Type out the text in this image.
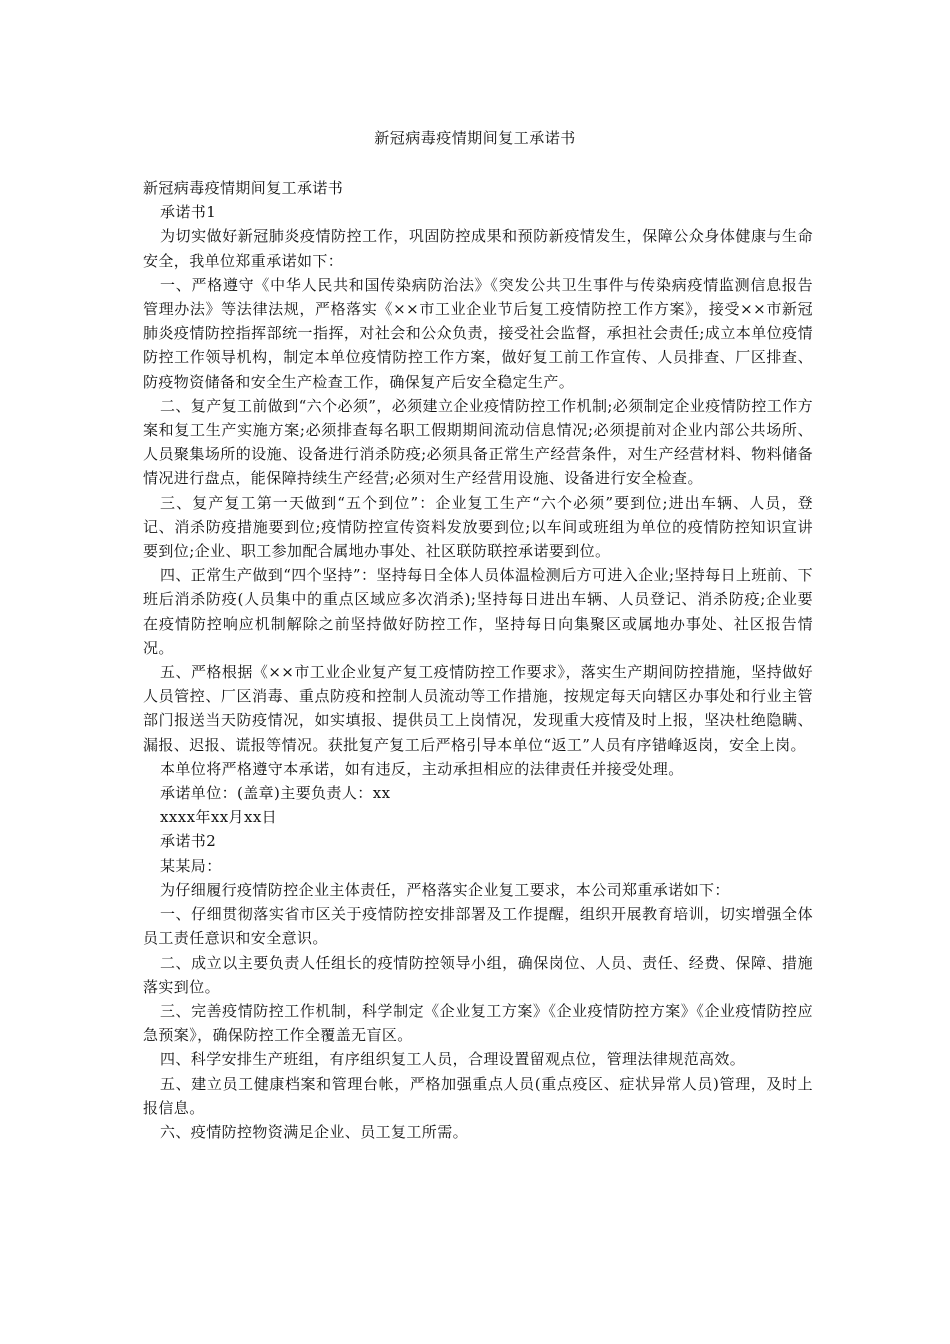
新冠病毒疫情期间复工承诺书

新冠病毒疫情期间复工承诺书

承诺书1

为切实做好新冠肺炎疫情防控工作，巩固防控成果和预防新疫情发生，保障公众身体健康与生命安全，我单位郑重承诺如下：

一、严格遵守《中华人民共和国传染病防治法》《突发公共卫生事件与传染病疫情监测信息报告管理办法》等法律法规，严格落实《××市工业企业节后复工疫情防控工作方案》，接受××市新冠肺炎疫情防控指挥部统一指挥，对社会和公众负责，接受社会监督，承担社会责任;成立本单位疫情防控工作领导机构，制定本单位疫情防控工作方案，做好复工前工作宣传、人员排查、厂区排查、防疫物资储备和安全生产检查工作，确保复产后安全稳定生产。

二、复产复工前做到“六个必须”，必须建立企业疫情防控工作机制;必须制定企业疫情防控工作方案和复工生产实施方案;必须排查每名职工假期期间流动信息情况;必须提前对企业内部公共场所、人员聚集场所的设施、设备进行消杀防疫;必须具备正常生产经营条件，对生产经营材料、物料储备情况进行盘点，能保障持续生产经营;必须对生产经营用设施、设备进行安全检查。

三、复产复工第一天做到“五个到位”：企业复工生产“六个必须”要到位;进出车辆、人员，登记、消杀防疫措施要到位;疫情防控宣传资料发放要到位;以车间或班组为单位的疫情防控知识宣讲要到位;企业、职工参加配合属地办事处、社区联防联控承诺要到位。

四、正常生产做到“四个坚持”：坚持每日全体人员体温检测后方可进入企业;坚持每日上班前、下班后消杀防疫(人员集中的重点区域应多次消杀);坚持每日进出车辆、人员登记、消杀防疫;企业要在疫情防控响应机制解除之前坚持做好防控工作，坚持每日向集聚区或属地办事处、社区报告情况。

五、严格根据《××市工业企业复产复工疫情防控工作要求》，落实生产期间防控措施，坚持做好人员管控、厂区消毒、重点防疫和控制人员流动等工作措施，按规定每天向辖区办事处和行业主管部门报送当天防疫情况，如实填报、提供员工上岗情况，发现重大疫情及时上报，坚决杜绝隐瞒、漏报、迟报、谎报等情况。获批复产复工后严格引导本单位“返工”人员有序错峰返岗，安全上岗。

本单位将严格遵守本承诺，如有违反，主动承担相应的法律责任并接受处理。

承诺单位：(盖章)主要负责人：xx

xxxx年xx月xx日

承诺书2

某某局：

为仔细履行疫情防控企业主体责任，严格落实企业复工要求，本公司郑重承诺如下：

一、仔细贯彻落实省市区关于疫情防控安排部署及工作提醒，组织开展教育培训，切实增强全体员工责任意识和安全意识。

二、成立以主要负责人任组长的疫情防控领导小组，确保岗位、人员、责任、经费、保障、措施落实到位。

三、完善疫情防控工作机制，科学制定《企业复工方案》《企业疫情防控方案》《企业疫情防控应急预案》，确保防控工作全覆盖无盲区。

四、科学安排生产班组，有序组织复工人员，合理设置留观点位，管理法律规范高效。

五、建立员工健康档案和管理台帐，严格加强重点人员(重点疫区、症状异常人员)管理，及时上报信息。

六、疫情防控物资满足企业、员工复工所需。
